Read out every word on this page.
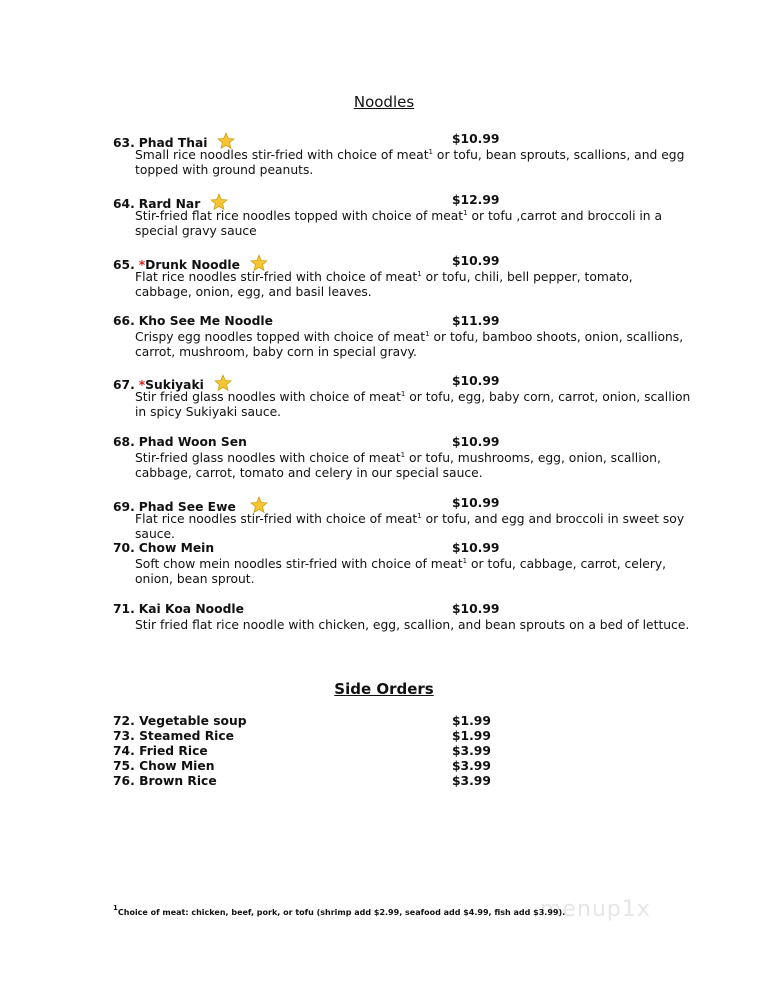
Noodles
63. Phad Thai	$10.99
Small rice noodles stir-fried with choice of meat$^1$ or tofu, bean sprouts, scallions, and egg topped with ground peanuts.
64. Rard Nar	$12.99
Stir-fried flat rice noodles topped with choice of meat$^1$ or tofu ,carrot and broccoli in a special gravy sauce
65. *Drunk Noodle	$10.99
Flat rice noodles stir-fried with choice of meat$^1$ or tofu, chili, bell pepper, tomato, cabbage, onion, egg, and basil leaves.
66. Kho See Me Noodle	$11.99
Crispy egg noodles topped with choice of meat$^1$ or tofu, bamboo shoots, onion, scallions, carrot, mushroom, baby corn in special gravy.
67. *Sukiyaki	$10.99
Stir fried glass noodles with choice of meat$^1$ or tofu, egg, baby corn, carrot, onion, scallion in spicy Sukiyaki sauce.
68. Phad Woon Sen	$10.99
Stir-fried glass noodles with choice of meat$^1$ or tofu, mushrooms, egg, onion, scallion, cabbage, carrot, tomato and celery in our special sauce.
69. Phad See Ewe	$10.99
Flat rice noodles stir-fried with choice of meat$^1$ or tofu, and egg and broccoli in sweet soy sauce.
70. Chow Mein	$10.99
Soft chow mein noodles stir-fried with choice of meat$^1$ or tofu, cabbage, carrot, celery, onion, bean sprout.
71. Kai Koa Noodle	$10.99
Stir fried flat rice noodle with chicken, egg, scallion, and bean sprouts on a bed of lettuce.
Side Orders
72. Vegetable soup	$1.99
73. Steamed Rice	$1.99
74. Fried Rice	$3.99
75. Chow Mien	$3.99
76. Brown Rice	$3.99
menup1x
$^1$Choice of meat: chicken, beef, pork, or tofu (shrimp add $2.99, seafood add $4.99, fish add $3.99).
